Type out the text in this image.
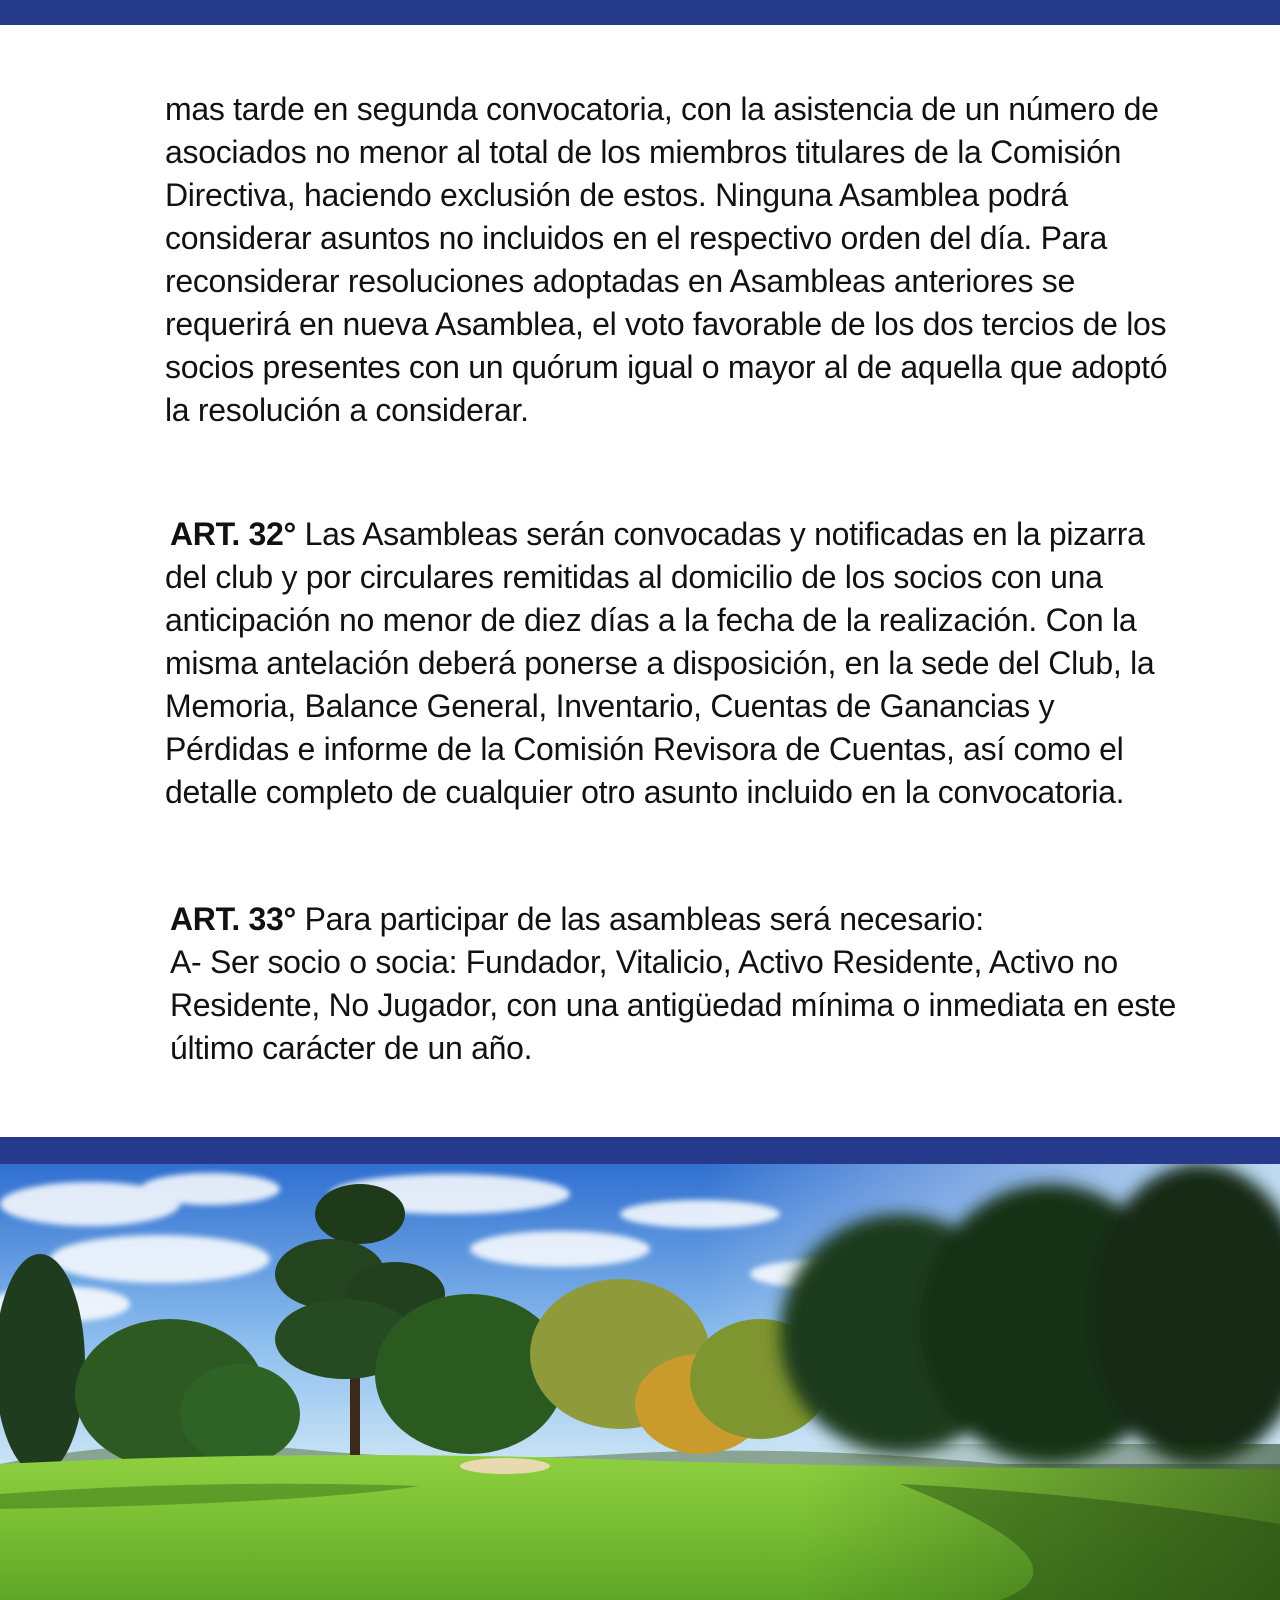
mas tarde en segunda convocatoria, con la asistencia de un número de asociados no menor al total de los miembros titulares de la Comisión Directiva, haciendo exclusión de estos. Ninguna Asamblea podrá considerar asuntos no incluidos en el respectivo orden del día. Para reconsiderar resoluciones adoptadas en Asambleas anteriores se requerirá en nueva Asamblea, el voto favorable de los dos tercios de los socios presentes con un quórum igual o mayor al de aquella que adoptó la resolución a considerar.

ART. 32° Las Asambleas serán convocadas y notificadas en la pizarra del club y por circulares remitidas al domicilio de los socios con una anticipación no menor de diez días a la fecha de la realización. Con la misma antelación deberá ponerse a disposición, en la sede del Club, la Memoria, Balance General, Inventario, Cuentas de Ganancias y Pérdidas e informe de la Comisión Revisora de Cuentas, así como el detalle completo de cualquier otro asunto incluido en la convocatoria.

ART. 33° Para participar de las asambleas será necesario:

A- Ser socio o socia: Fundador, Vitalicio, Activo Residente, Activo no Residente, No Jugador, con una antigüedad mínima o inmediata en este último carácter de un año.
